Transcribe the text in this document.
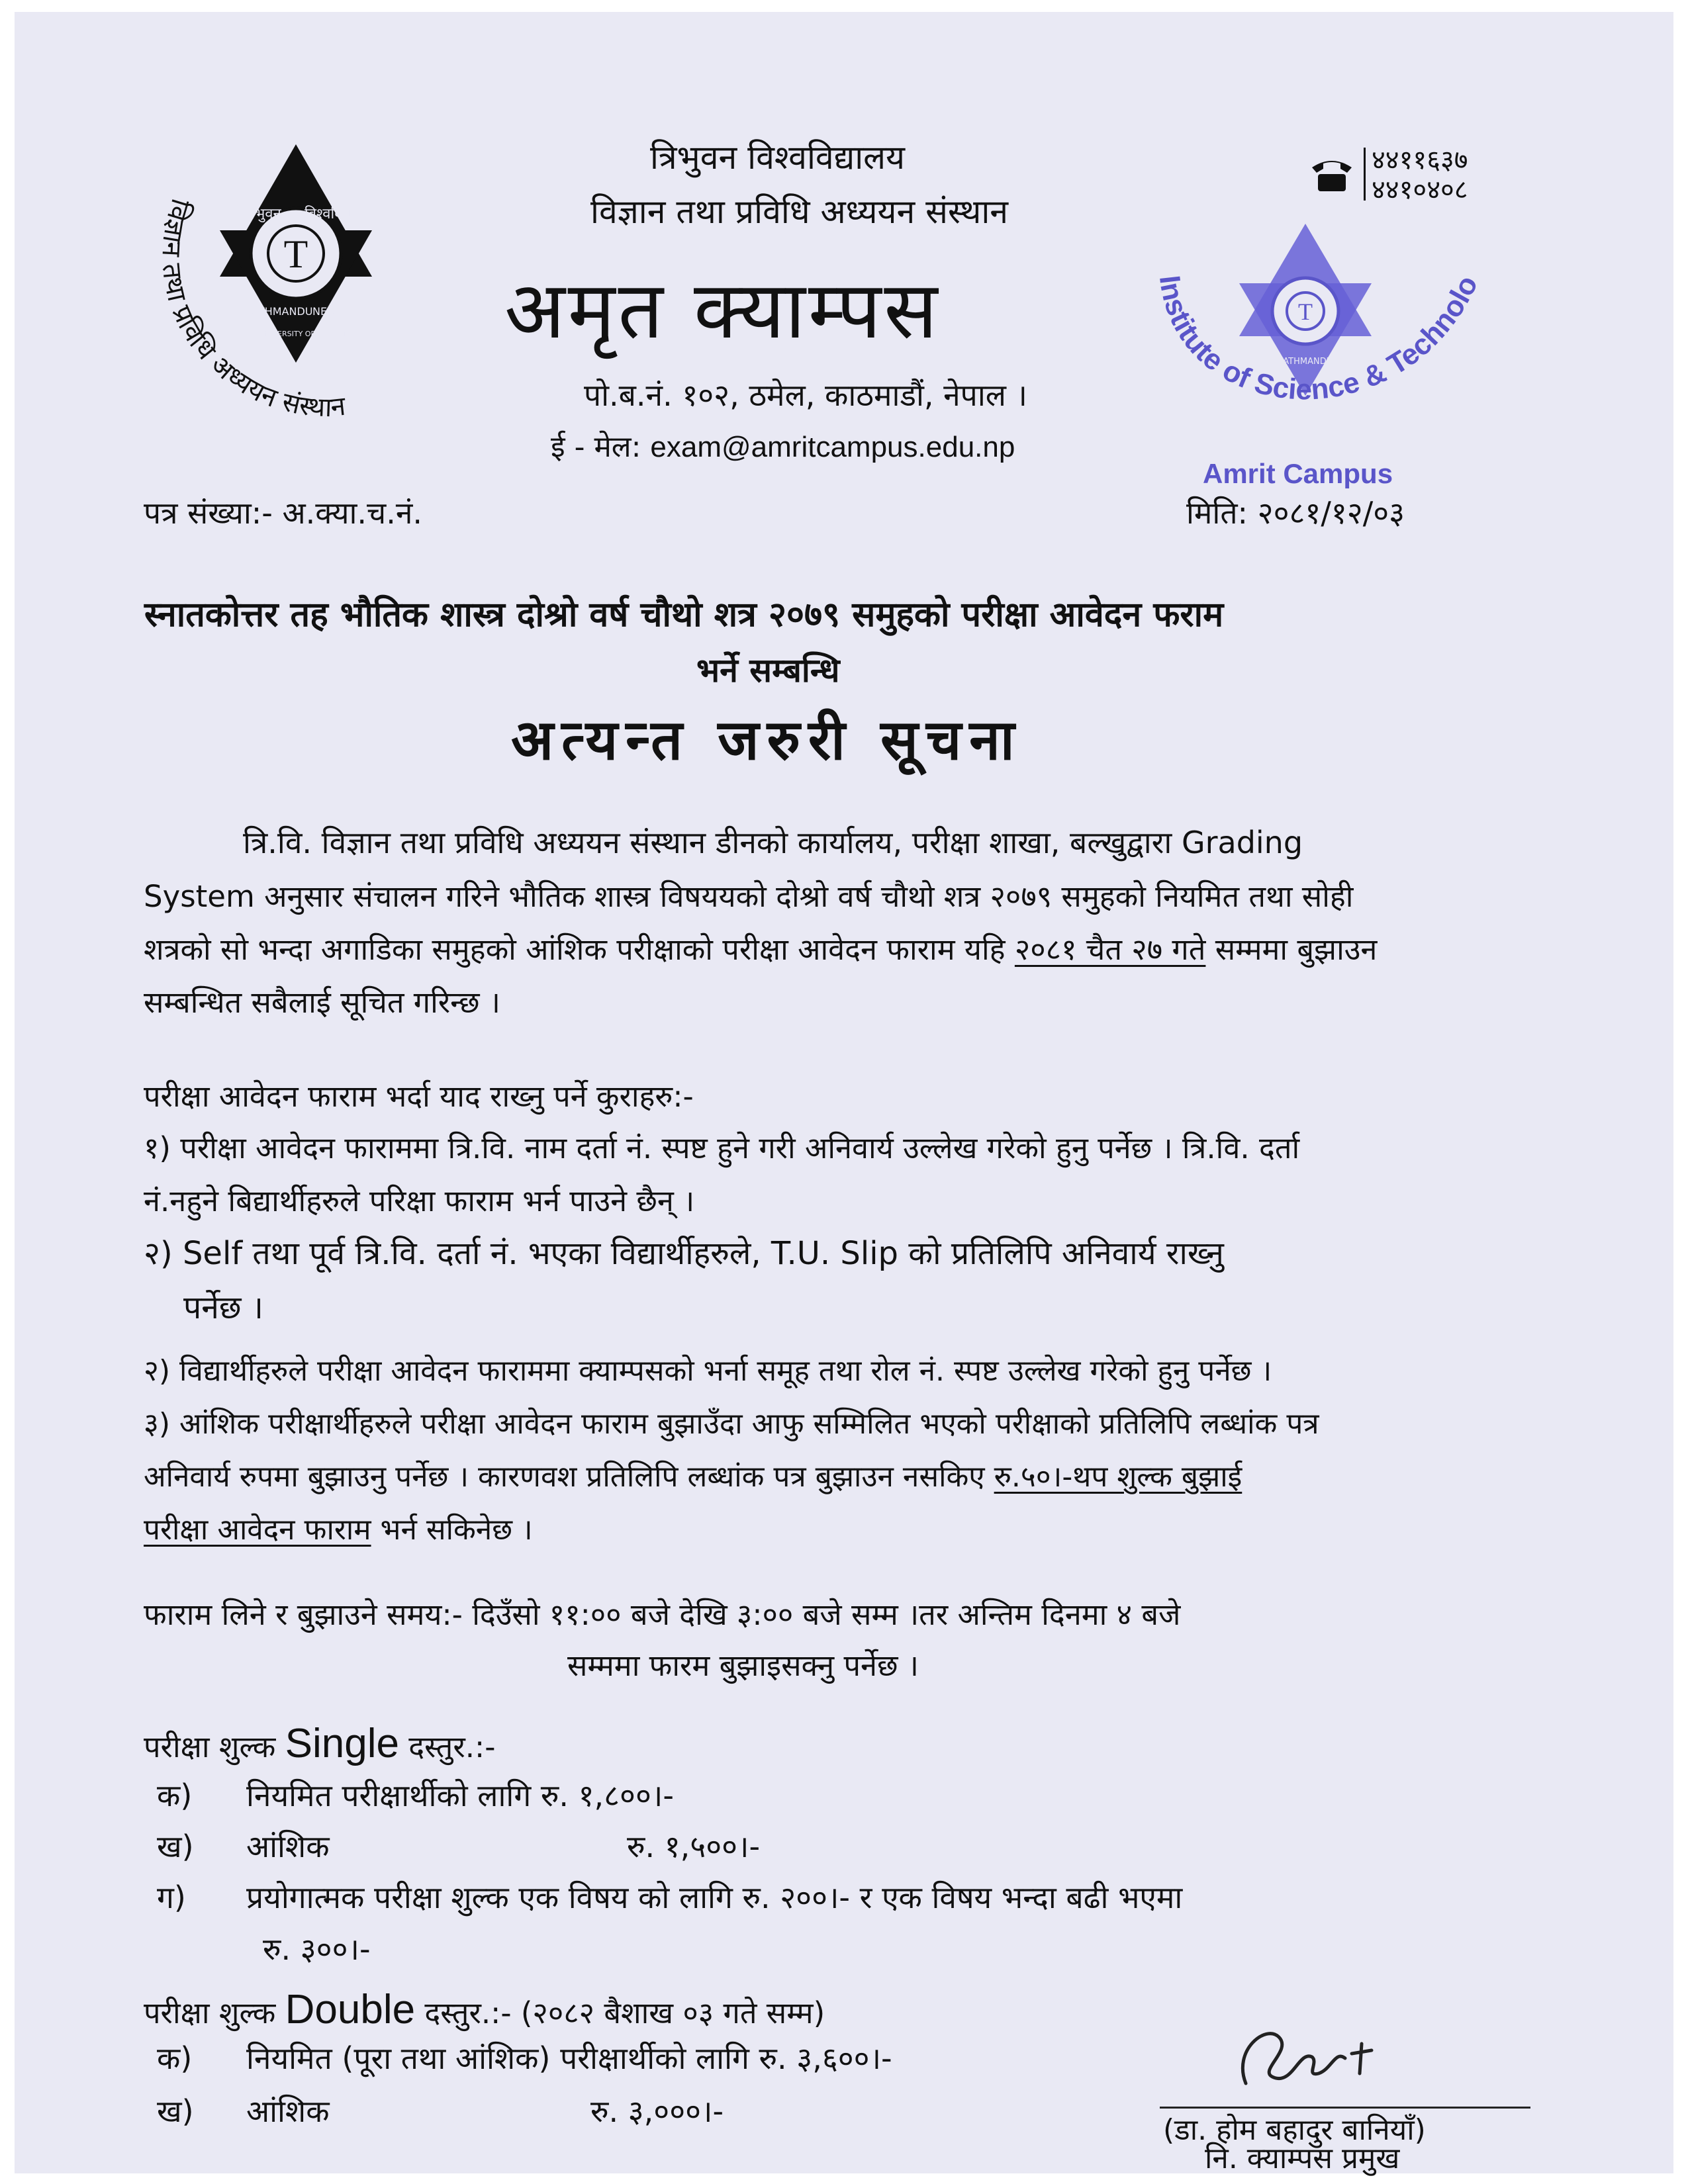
T
विज्ञान तथा प्रविधि अध्ययन संस्थान
त्रिभुवन विश्वविद्यालय
KATHMANDU NEPAL
UNIVERSITY ORGANISED 1959 A.D.
त्रिभुवन विश्वविद्यालय
विज्ञान तथा प्रविधि अध्ययन संस्थान
अमृत क्याम्पस
पो.ब.नं. १०२, ठमेल, काठमाडौं, नेपाल ।
ई - मेल: exam@amritcampus.edu.np
४४११६३७
४४१०४०८
T
KATHMANDU
Institute of Science & Technolo
Amrit Campus
पत्र संख्या:- अ.क्या.च.नं.	मिति: २०८१/१२/०३
स्नातकोत्तर तह भौतिक शास्त्र दोश्रो वर्ष चौथो शत्र २०७९ समुहको परीक्षा आवेदन फराम
भर्ने सम्बन्धि
अत्यन्त जरुरी सूचना
त्रि.वि. विज्ञान तथा प्रविधि अध्ययन संस्थान डीनको कार्यालय, परीक्षा शाखा, बल्खुद्वारा Grading
System अनुसार संचालन गरिने भौतिक शास्त्र विषययको दोश्रो वर्ष चौथो शत्र २०७९ समुहको नियमित तथा सोही
शत्रको सो भन्दा अगाडिका समुहको आंशिक परीक्षाको परीक्षा आवेदन फाराम यहि २०८१ चैत २७ गते सम्ममा बुझाउन
सम्बन्धित सबैलाई सूचित गरिन्छ ।
परीक्षा आवेदन फाराम भर्दा याद राख्नु पर्ने कुराहरु:-
१) परीक्षा आवेदन फाराममा त्रि.वि. नाम दर्ता नं. स्पष्ट हुने गरी अनिवार्य उल्लेख गरेको हुनु पर्नेछ । त्रि.वि. दर्ता
नं.नहुने बिद्यार्थीहरुले परिक्षा फाराम भर्न पाउने छैन् ।
२) Self तथा पूर्व त्रि.वि. दर्ता नं. भएका विद्यार्थीहरुले, T.U. Slip को प्रतिलिपि अनिवार्य राख्नु
पर्नेछ ।
२) विद्यार्थीहरुले परीक्षा आवेदन फाराममा क्याम्पसको भर्ना समूह तथा रोल नं. स्पष्ट उल्लेख गरेको हुनु पर्नेछ ।
३) आंशिक परीक्षार्थीहरुले परीक्षा आवेदन फाराम बुझाउँदा आफु सम्मिलित भएको परीक्षाको प्रतिलिपि लब्धांक पत्र
अनिवार्य रुपमा बुझाउनु पर्नेछ । कारणवश प्रतिलिपि लब्धांक पत्र बुझाउन नसकिए रु.५०।-थप शुल्क बुझाई
परीक्षा आवेदन फाराम भर्न सकिनेछ ।
फाराम लिने र बुझाउने समय:- दिउँसो ११:०० बजे देखि ३:०० बजे सम्म ।तर अन्तिम दिनमा ४ बजे
सम्ममा फारम बुझाइसक्नु पर्नेछ ।
परीक्षा शुल्क Single दस्तुर.:-
क) नियमित परीक्षार्थीको लागि रु. १,८००।-
ख) आंशिक	रु. १,५००।-
ग) प्रयोगात्मक परीक्षा शुल्क एक विषय को लागि रु. २००।- र एक विषय भन्दा बढी भएमा
रु. ३००।-
परीक्षा शुल्क Double दस्तुर.:- (२०८२ बैशाख ०३ गते सम्म)
क) नियमित (पूरा तथा आंशिक) परीक्षार्थीको लागि रु. ३,६००।-
ख) आंशिक	रु. ३,०००।-
(डा. होम बहादुर बानियाँ)
नि. क्याम्पस प्रमुख
